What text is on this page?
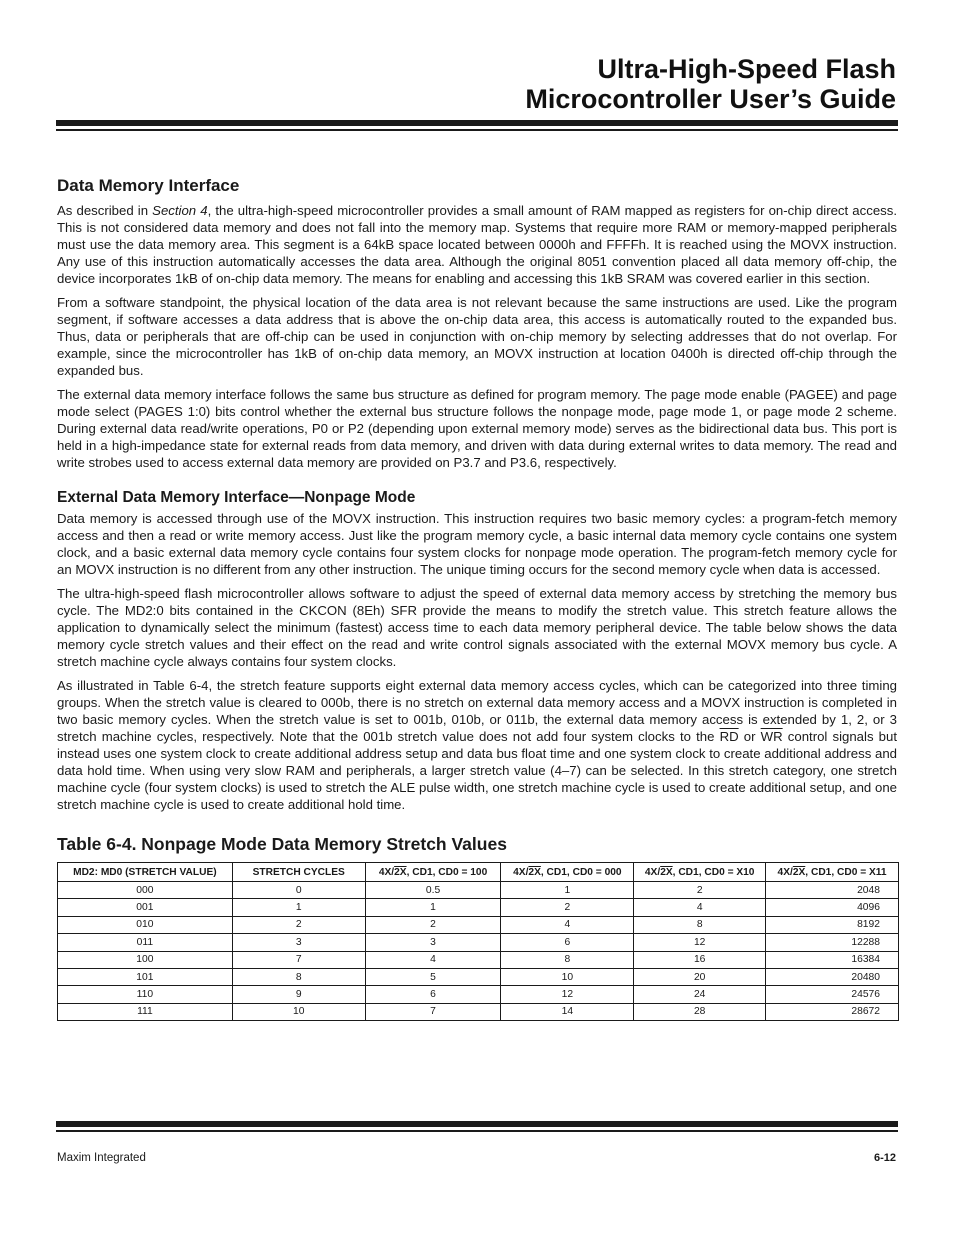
Ultra-High-Speed Flash
Microcontroller User’s Guide
Data Memory Interface

As described in Section 4, the ultra-high-speed microcontroller provides a small amount of RAM mapped as registers for on-chip direct access. This is not considered data memory and does not fall into the memory map. Systems that require more RAM or memory-mapped peripherals must use the data memory area. This segment is a 64kB space located between 0000h and FFFFh. It is reached using the MOVX instruction. Any use of this instruction automatically accesses the data area. Although the original 8051 convention placed all data memory off-chip, the device incorporates 1kB of on-chip data memory. The means for enabling and accessing this 1kB SRAM was covered earlier in this section.

From a software standpoint, the physical location of the data area is not relevant because the same instructions are used. Like the program segment, if software accesses a data address that is above the on-chip data area, this access is automatically routed to the expanded bus. Thus, data or peripherals that are off-chip can be used in conjunction with on-chip memory by selecting addresses that do not overlap. For example, since the microcontroller has 1kB of on-chip data memory, an MOVX instruction at location 0400h is directed off-chip through the expanded bus.

The external data memory interface follows the same bus structure as defined for program memory. The page mode enable (PAGEE) and page mode select (PAGES 1:0) bits control whether the external bus structure follows the nonpage mode, page mode 1, or page mode 2 scheme. During external data read/write operations, P0 or P2 (depending upon external memory mode) serves as the bidirectional data bus. This port is held in a high-impedance state for external reads from data memory, and driven with data during external writes to data memory. The read and write strobes used to access external data memory are provided on P3.7 and P3.6, respectively.

External Data Memory Interface—Nonpage Mode

Data memory is accessed through use of the MOVX instruction. This instruction requires two basic memory cycles: a program-fetch memory access and then a read or write memory access. Just like the program memory cycle, a basic internal data memory cycle contains one system clock, and a basic external data memory cycle contains four system clocks for nonpage mode operation. The program-fetch memory cycle for an MOVX instruction is no different from any other instruction. The unique timing occurs for the second memory cycle when data is accessed.

The ultra-high-speed flash microcontroller allows software to adjust the speed of external data memory access by stretching the memory bus cycle. The MD2:0 bits contained in the CKCON (8Eh) SFR provide the means to modify the stretch value. This stretch feature allows the application to dynamically select the minimum (fastest) access time to each data memory peripheral device. The table below shows the data memory cycle stretch values and their effect on the read and write control signals associated with the external MOVX memory bus cycle. A stretch machine cycle always contains four system clocks.

As illustrated in Table 6-4, the stretch feature supports eight external data memory access cycles, which can be categorized into three timing groups. When the stretch value is cleared to 000b, there is no stretch on external data memory access and a MOVX instruction is completed in two basic memory cycles. When the stretch value is set to 001b, 010b, or 011b, the external data memory access is extended by 1, 2, or 3 stretch machine cycles, respectively. Note that the 001b stretch value does not add four system clocks to the $\overline{RD}$ or $\overline{WR}$ control signals but instead uses one system clock to create additional address setup and data bus float time and one system clock to create additional address and data hold time. When using very slow RAM and peripherals, a larger stretch value (4–7) can be selected. In this stretch category, one stretch machine cycle (four system clocks) is used to stretch the ALE pulse width, one stretch machine cycle is used to create additional setup, and one stretch machine cycle is used to create additional hold time.

Table 6-4. Nonpage Mode Data Memory Stretch Values
MD2: MD0 (STRETCH VALUE)	STRETCH CYCLES	4X/2X, CD1, CD0 = 100	4X/2X, CD1, CD0 = 000	4X/2X, CD1, CD0 = X10	4X/2X, CD1, CD0 = X11
000	0	0.5	1	2	2048
001	1	1	2	4	4096
010	2	2	4	8	8192
011	3	3	6	12	12288
100	7	4	8	16	16384
101	8	5	10	20	20480
110	9	6	12	24	24576
111	10	7	14	28	28672
Maxim Integrated	6-12
